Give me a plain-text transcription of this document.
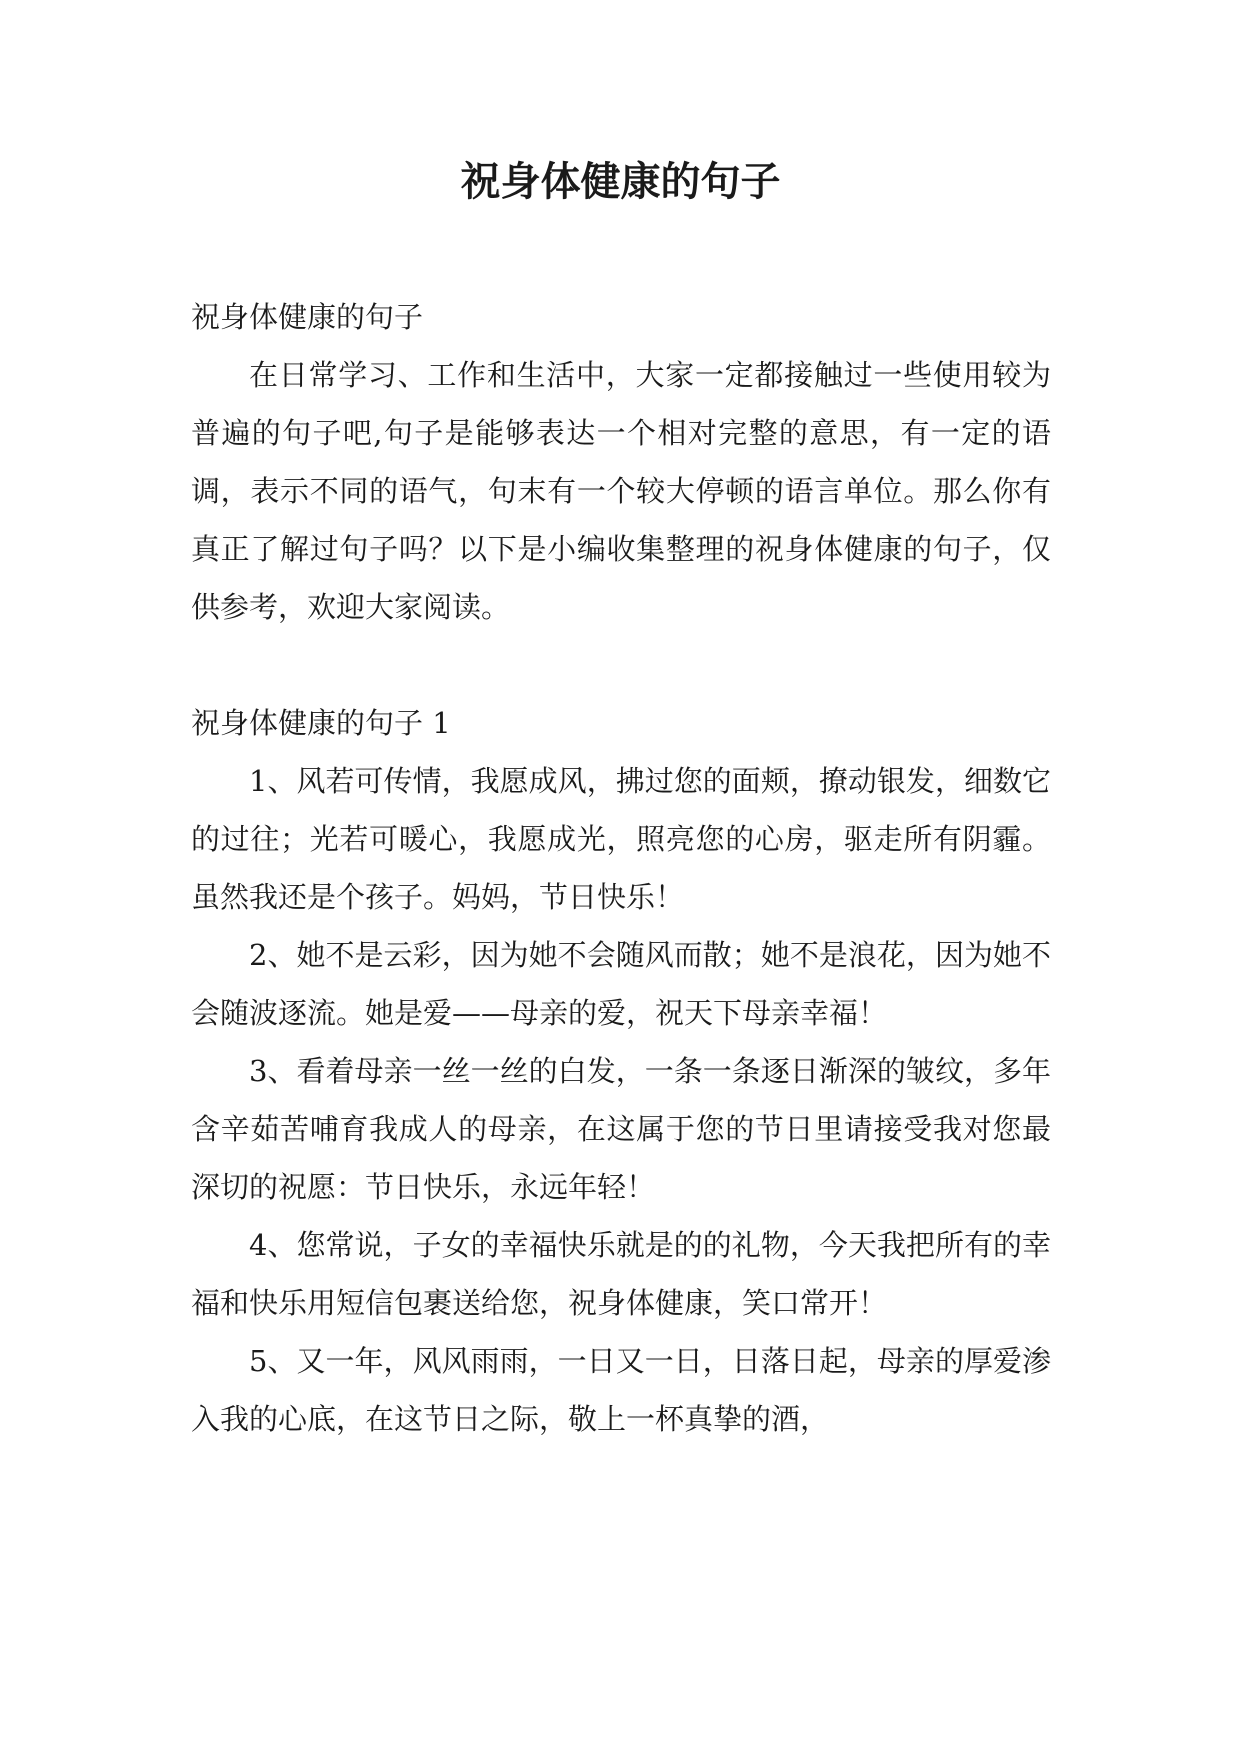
祝身体健康的句子

祝身体健康的句子

在日常学习、工作和生活中，大家一定都接触过一些使用较为普遍的句子吧,句子是能够表达一个相对完整的意思，有一定的语调，表示不同的语气，句末有一个较大停顿的语言单位。那么你有真正了解过句子吗？以下是小编收集整理的祝身体健康的句子，仅供参考，欢迎大家阅读。

祝身体健康的句子 1

1、风若可传情，我愿成风，拂过您的面颊，撩动银发，细数它的过往；光若可暖心，我愿成光，照亮您的心房，驱走所有阴霾。虽然我还是个孩子。妈妈，节日快乐！

2、她不是云彩，因为她不会随风而散；她不是浪花，因为她不会随波逐流。她是爱——母亲的爱，祝天下母亲幸福！

3、看着母亲一丝一丝的白发，一条一条逐日渐深的皱纹，多年含辛茹苦哺育我成人的母亲，在这属于您的节日里请接受我对您最深切的祝愿：节日快乐，永远年轻！

4、您常说，子女的幸福快乐就是的的礼物，今天我把所有的幸福和快乐用短信包裹送给您，祝身体健康，笑口常开！

5、又一年，风风雨雨，一日又一日，日落日起，母亲的厚爱渗入我的心底，在这节日之际，敬上一杯真挚的酒，
